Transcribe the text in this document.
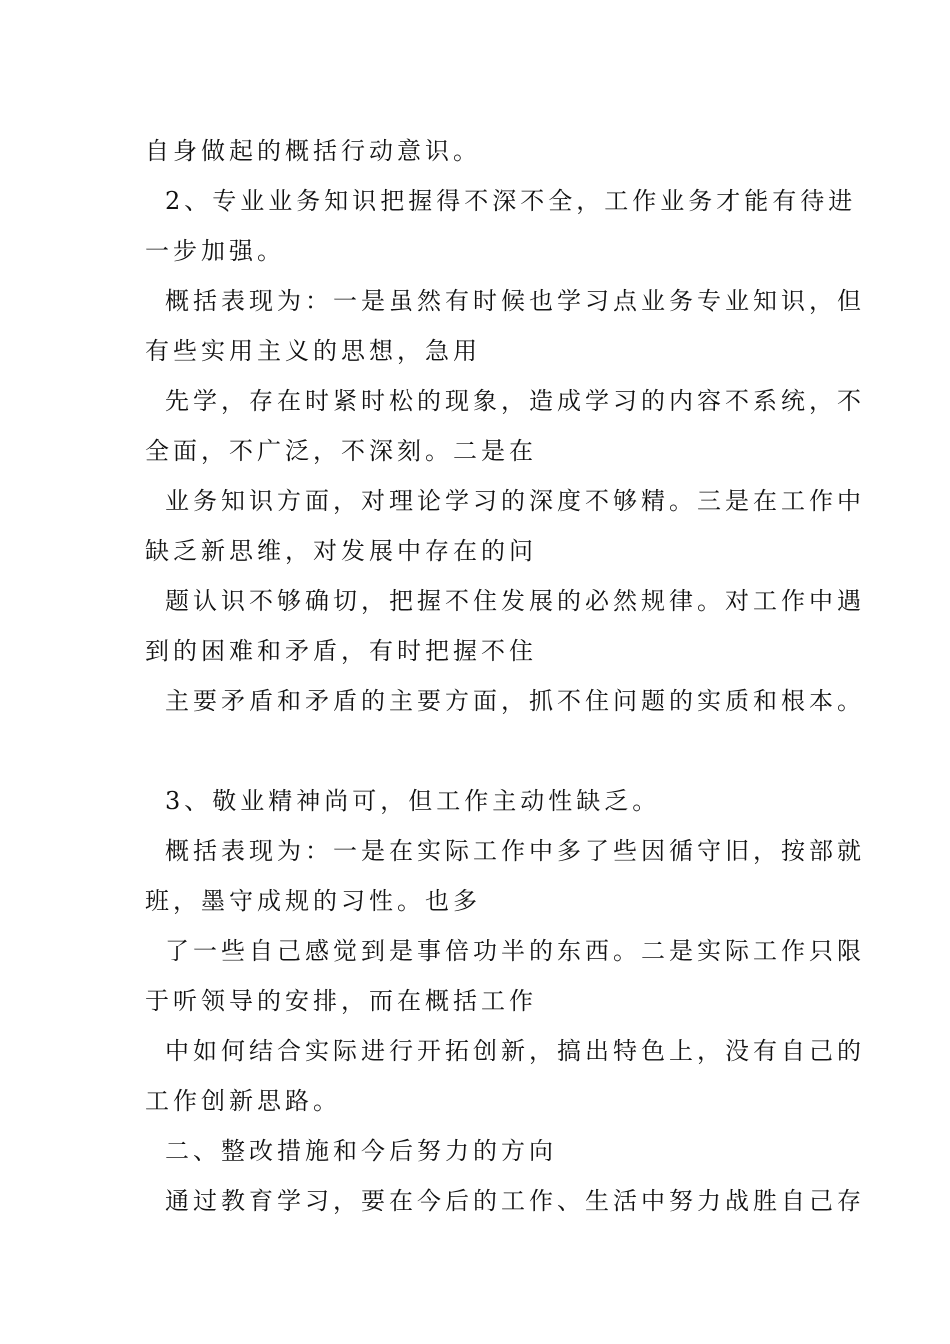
自身做起的概括行动意识。
2、专业业务知识把握得不深不全，工作业务才能有待进
一步加强。
概括表现为：一是虽然有时候也学习点业务专业知识，但
有些实用主义的思想，急用
先学，存在时紧时松的现象，造成学习的内容不系统，不
全面，不广泛，不深刻。二是在
业务知识方面，对理论学习的深度不够精。三是在工作中
缺乏新思维，对发展中存在的问
题认识不够确切，把握不住发展的必然规律。对工作中遇
到的困难和矛盾，有时把握不住
主要矛盾和矛盾的主要方面，抓不住问题的实质和根本。
3、敬业精神尚可，但工作主动性缺乏。
概括表现为：一是在实际工作中多了些因循守旧，按部就
班，墨守成规的习性。也多
了一些自己感觉到是事倍功半的东西。二是实际工作只限
于听领导的安排，而在概括工作
中如何结合实际进行开拓创新，搞出特色上，没有自己的
工作创新思路。
二、整改措施和今后努力的方向
通过教育学习，要在今后的工作、生活中努力战胜自己存
